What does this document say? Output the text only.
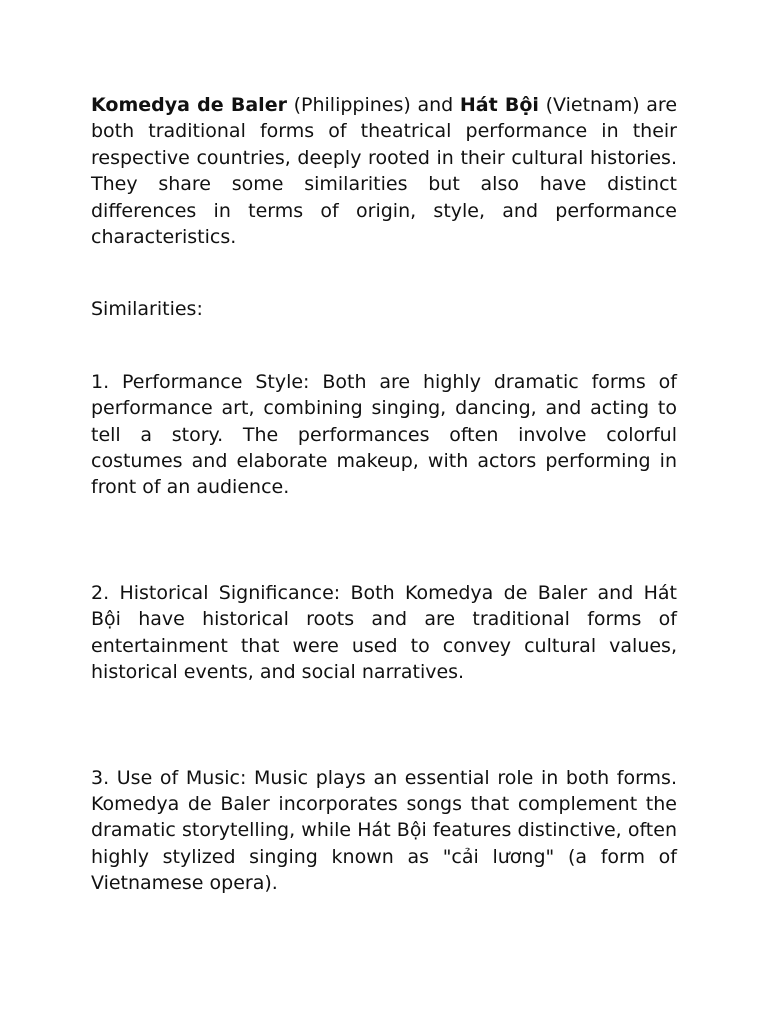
Komedya de Baler (Philippines) and Hát Bội (Vietnam) are both traditional forms of theatrical performance in their respective countries, deeply rooted in their cultural histories. They share some similarities but also have distinct differences in terms of origin, style, and performance characteristics.

Similarities:

1. Performance Style: Both are highly dramatic forms of performance art, combining singing, dancing, and acting to tell a story. The performances often involve colorful costumes and elaborate makeup, with actors performing in front of an audience.

2. Historical Significance: Both Komedya de Baler and Hát Bội have historical roots and are traditional forms of entertainment that were used to convey cultural values, historical events, and social narratives.

3. Use of Music: Music plays an essential role in both forms. Komedya de Baler incorporates songs that complement the dramatic storytelling, while Hát Bội features distinctive, often highly stylized singing known as "cải lương" (a form of Vietnamese opera).
